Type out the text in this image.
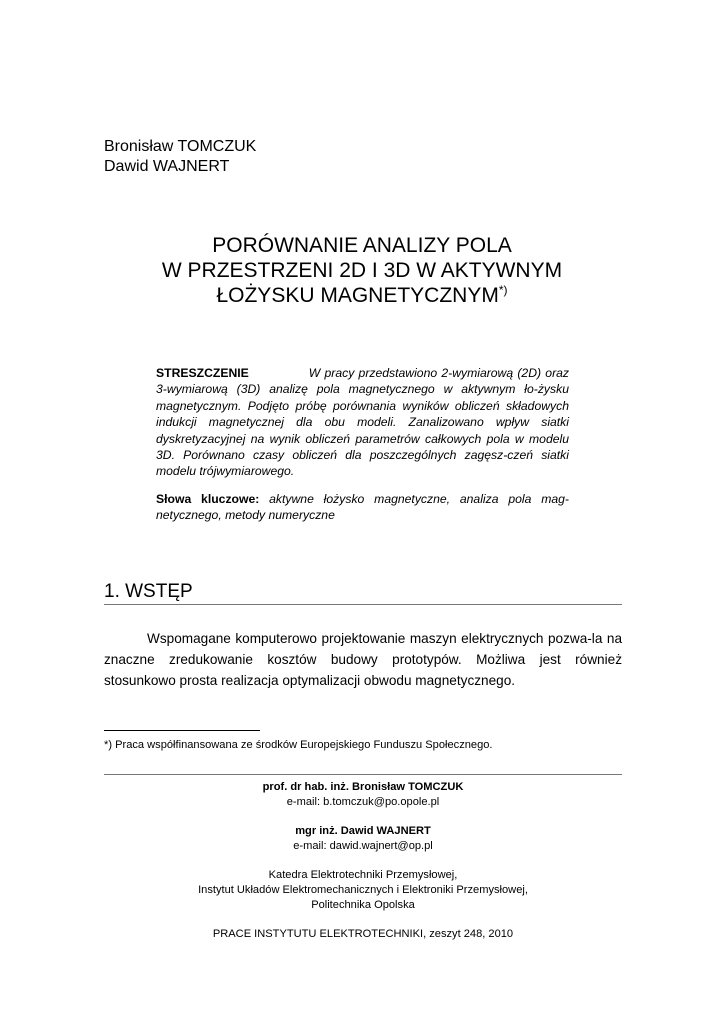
Bronisław TOMCZUK
Dawid WAJNERT
PORÓWNANIE ANALIZY POLA
W PRZESTRZENI 2D I 3D W AKTYWNYM
ŁOŻYSKU MAGNETYCZNYM*)
STRESZCZENIE	W pracy przedstawiono 2-wymiarową (2D) oraz 3-wymiarową (3D) analizę pola magnetycznego w aktywnym ło-żysku magnetycznym. Podjęto próbę porównania wyników obliczeń składowych indukcji magnetycznej dla obu modeli. Zanalizowano wpływ siatki dyskretyzacyjnej na wynik obliczeń parametrów całkowych pola w modelu 3D. Porównano czasy obliczeń dla poszczególnych zagęsz-czeń siatki modelu trójwymiarowego.
Słowa kluczowe: aktywne łożysko magnetyczne, analiza pola mag-netycznego, metody numeryczne
1. WSTĘP
Wspomagane komputerowo projektowanie maszyn elektrycznych pozwa-la na znaczne zredukowanie kosztów budowy prototypów. Możliwa jest również stosunkowo prosta realizacja optymalizacji obwodu magnetycznego.
*) Praca współfinansowana ze środków Europejskiego Funduszu Społecznego.
prof. dr hab. inż. Bronisław TOMCZUK
e-mail: b.tomczuk@po.opole.pl
mgr inż. Dawid WAJNERT
e-mail: dawid.wajnert@op.pl
Katedra Elektrotechniki Przemysłowej,
Instytut Układów Elektromechanicznych i Elektroniki Przemysłowej,
Politechnika Opolska
PRACE INSTYTUTU ELEKTROTECHNIKI, zeszyt 248, 2010
